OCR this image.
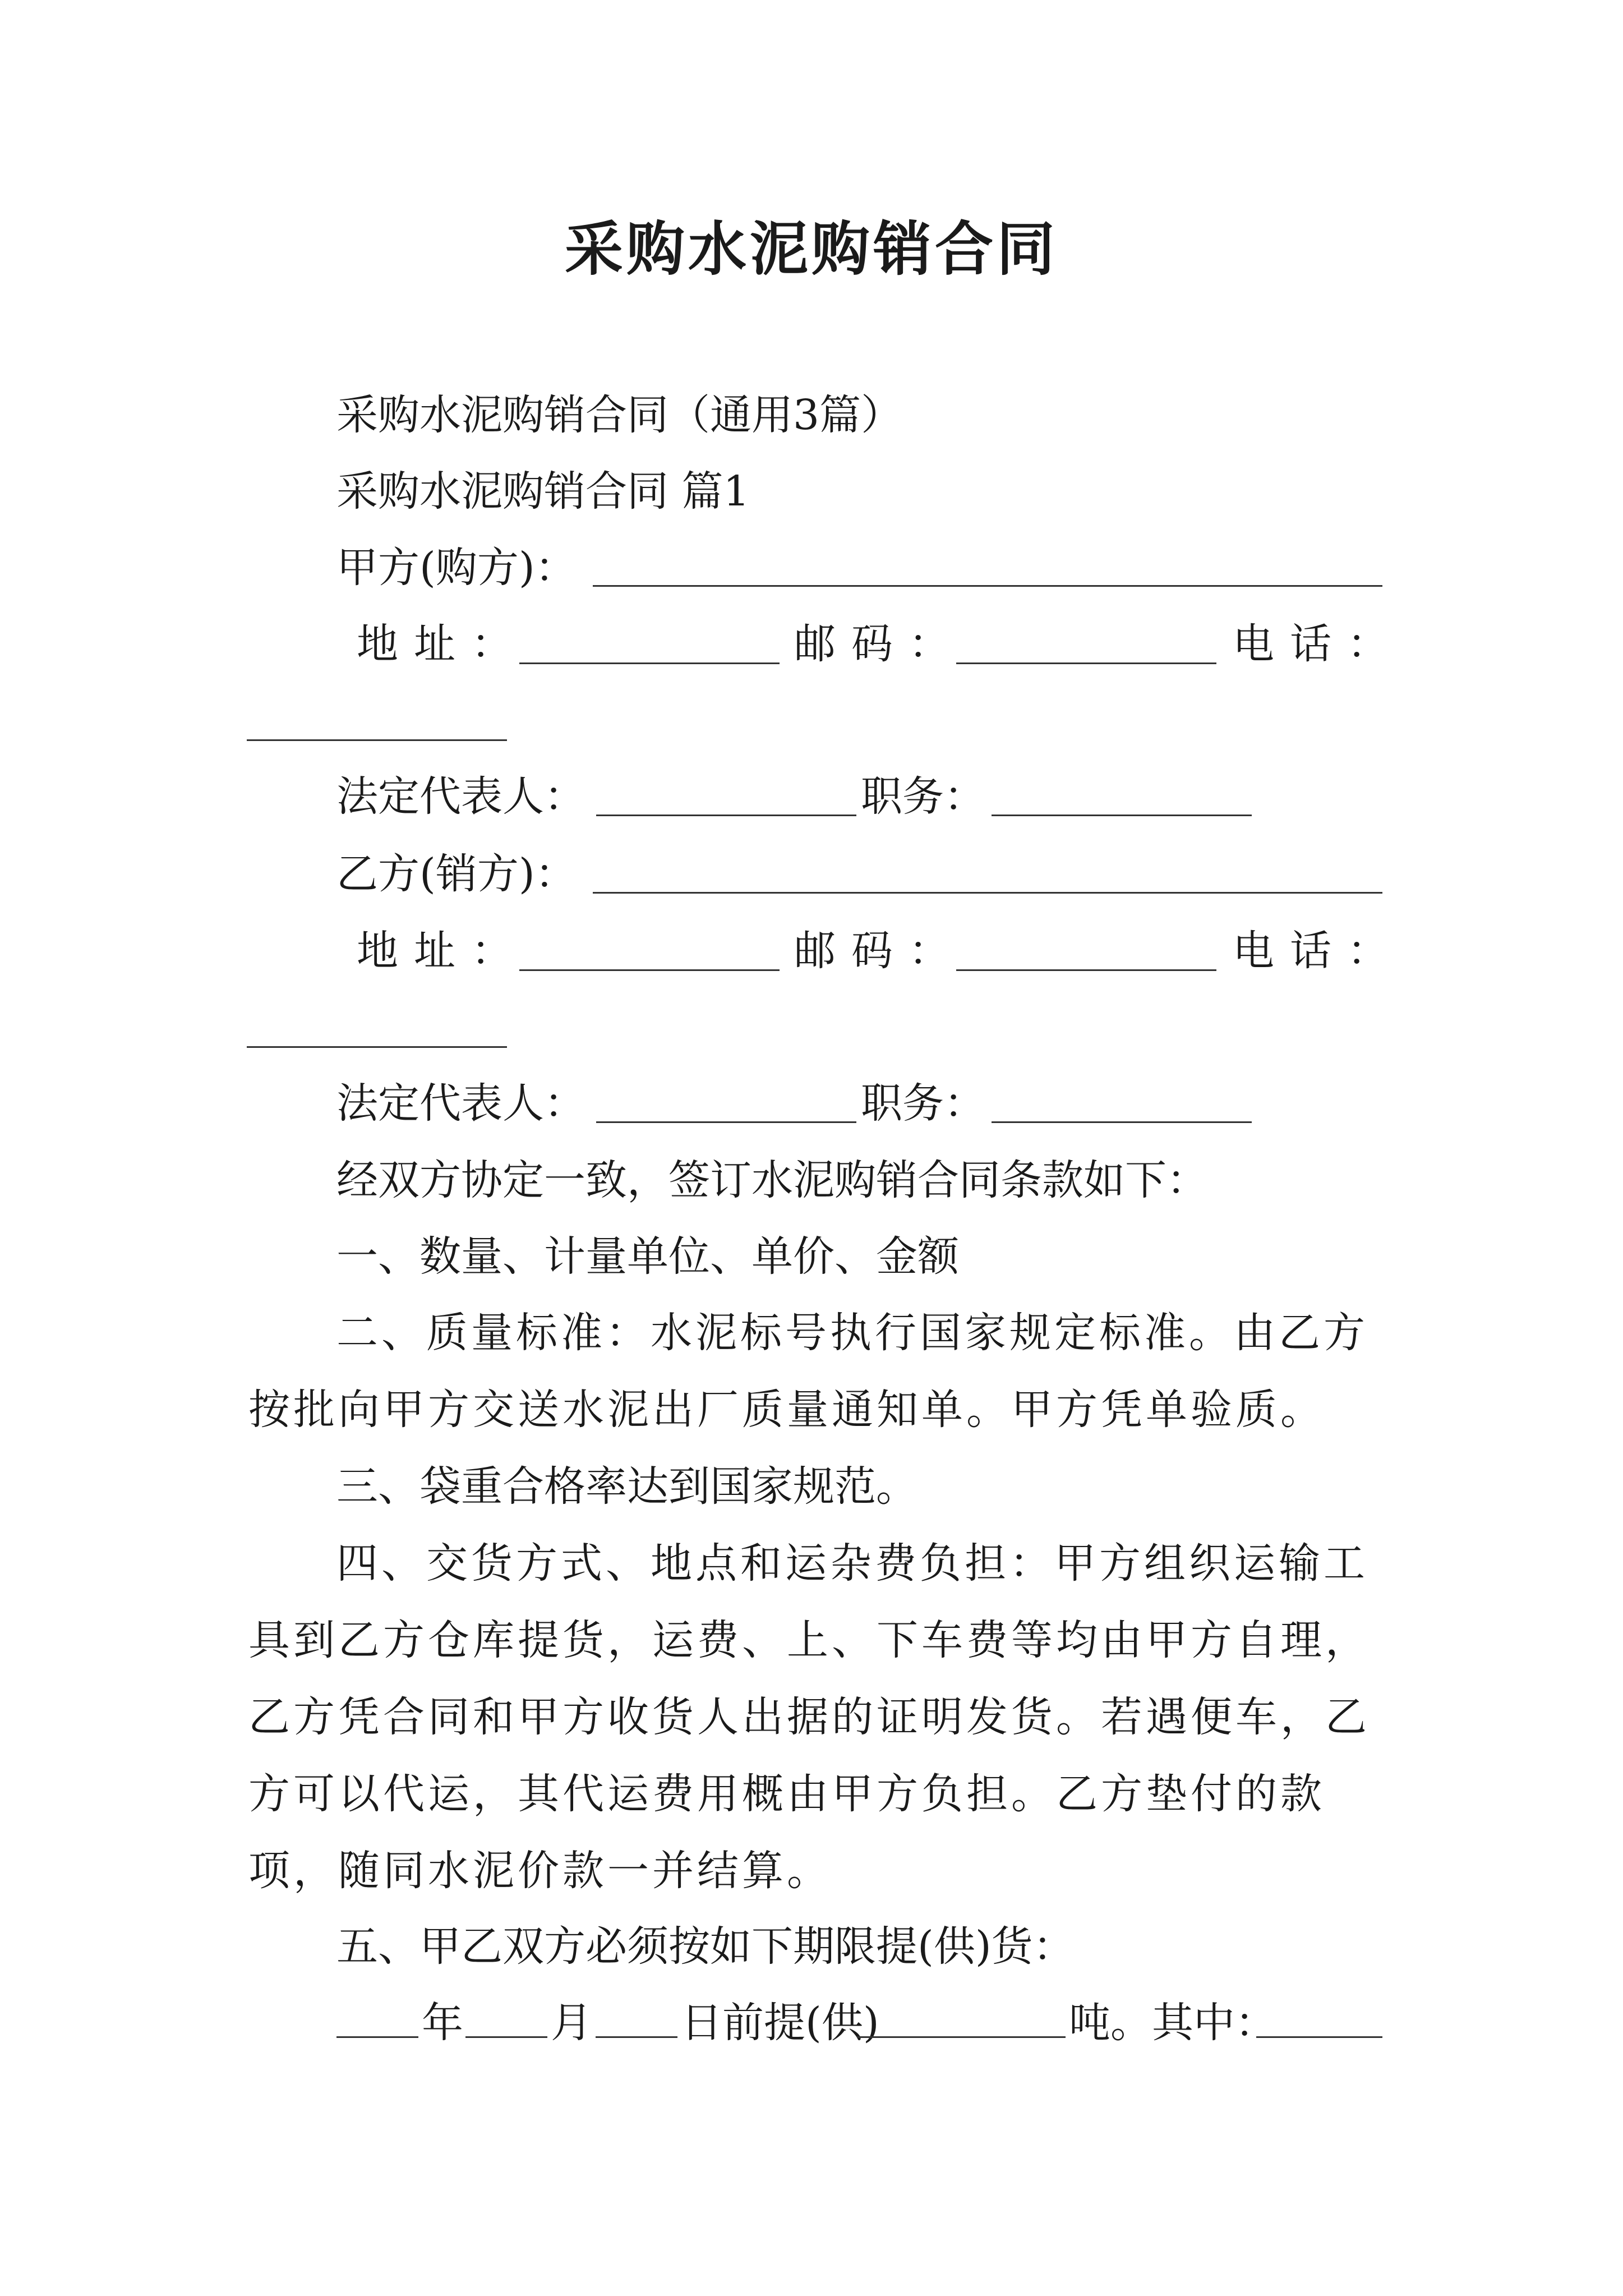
采购水泥购销合同

采购水泥购销合同（通用3篇）

采购水泥购销合同 篇1

甲方(购方)：

地址：	邮码：	电话：

法定代表人：	职务：

乙方(销方)：

地址：	邮码：	电话：

法定代表人：	职务：

经双方协定一致，签订水泥购销合同条款如下：

一、数量、计量单位、单价、金额

二、质量标准：水泥标号执行国家规定标准。由乙方按批向甲方交送水泥出厂质量通知单。甲方凭单验质。

三、袋重合格率达到国家规范。

四、交货方式、地点和运杂费负担：甲方组织运输工具到乙方仓库提货，运费、上、下车费等均由甲方自理，乙方凭合同和甲方收货人出据的证明发货。若遇便车，乙方可以代运，其代运费用概由甲方负担。乙方垫付的款项，随同水泥价款一并结算。

五、甲乙双方必须按如下期限提(供)货：

年 月 日前提(供)	吨。其中：
